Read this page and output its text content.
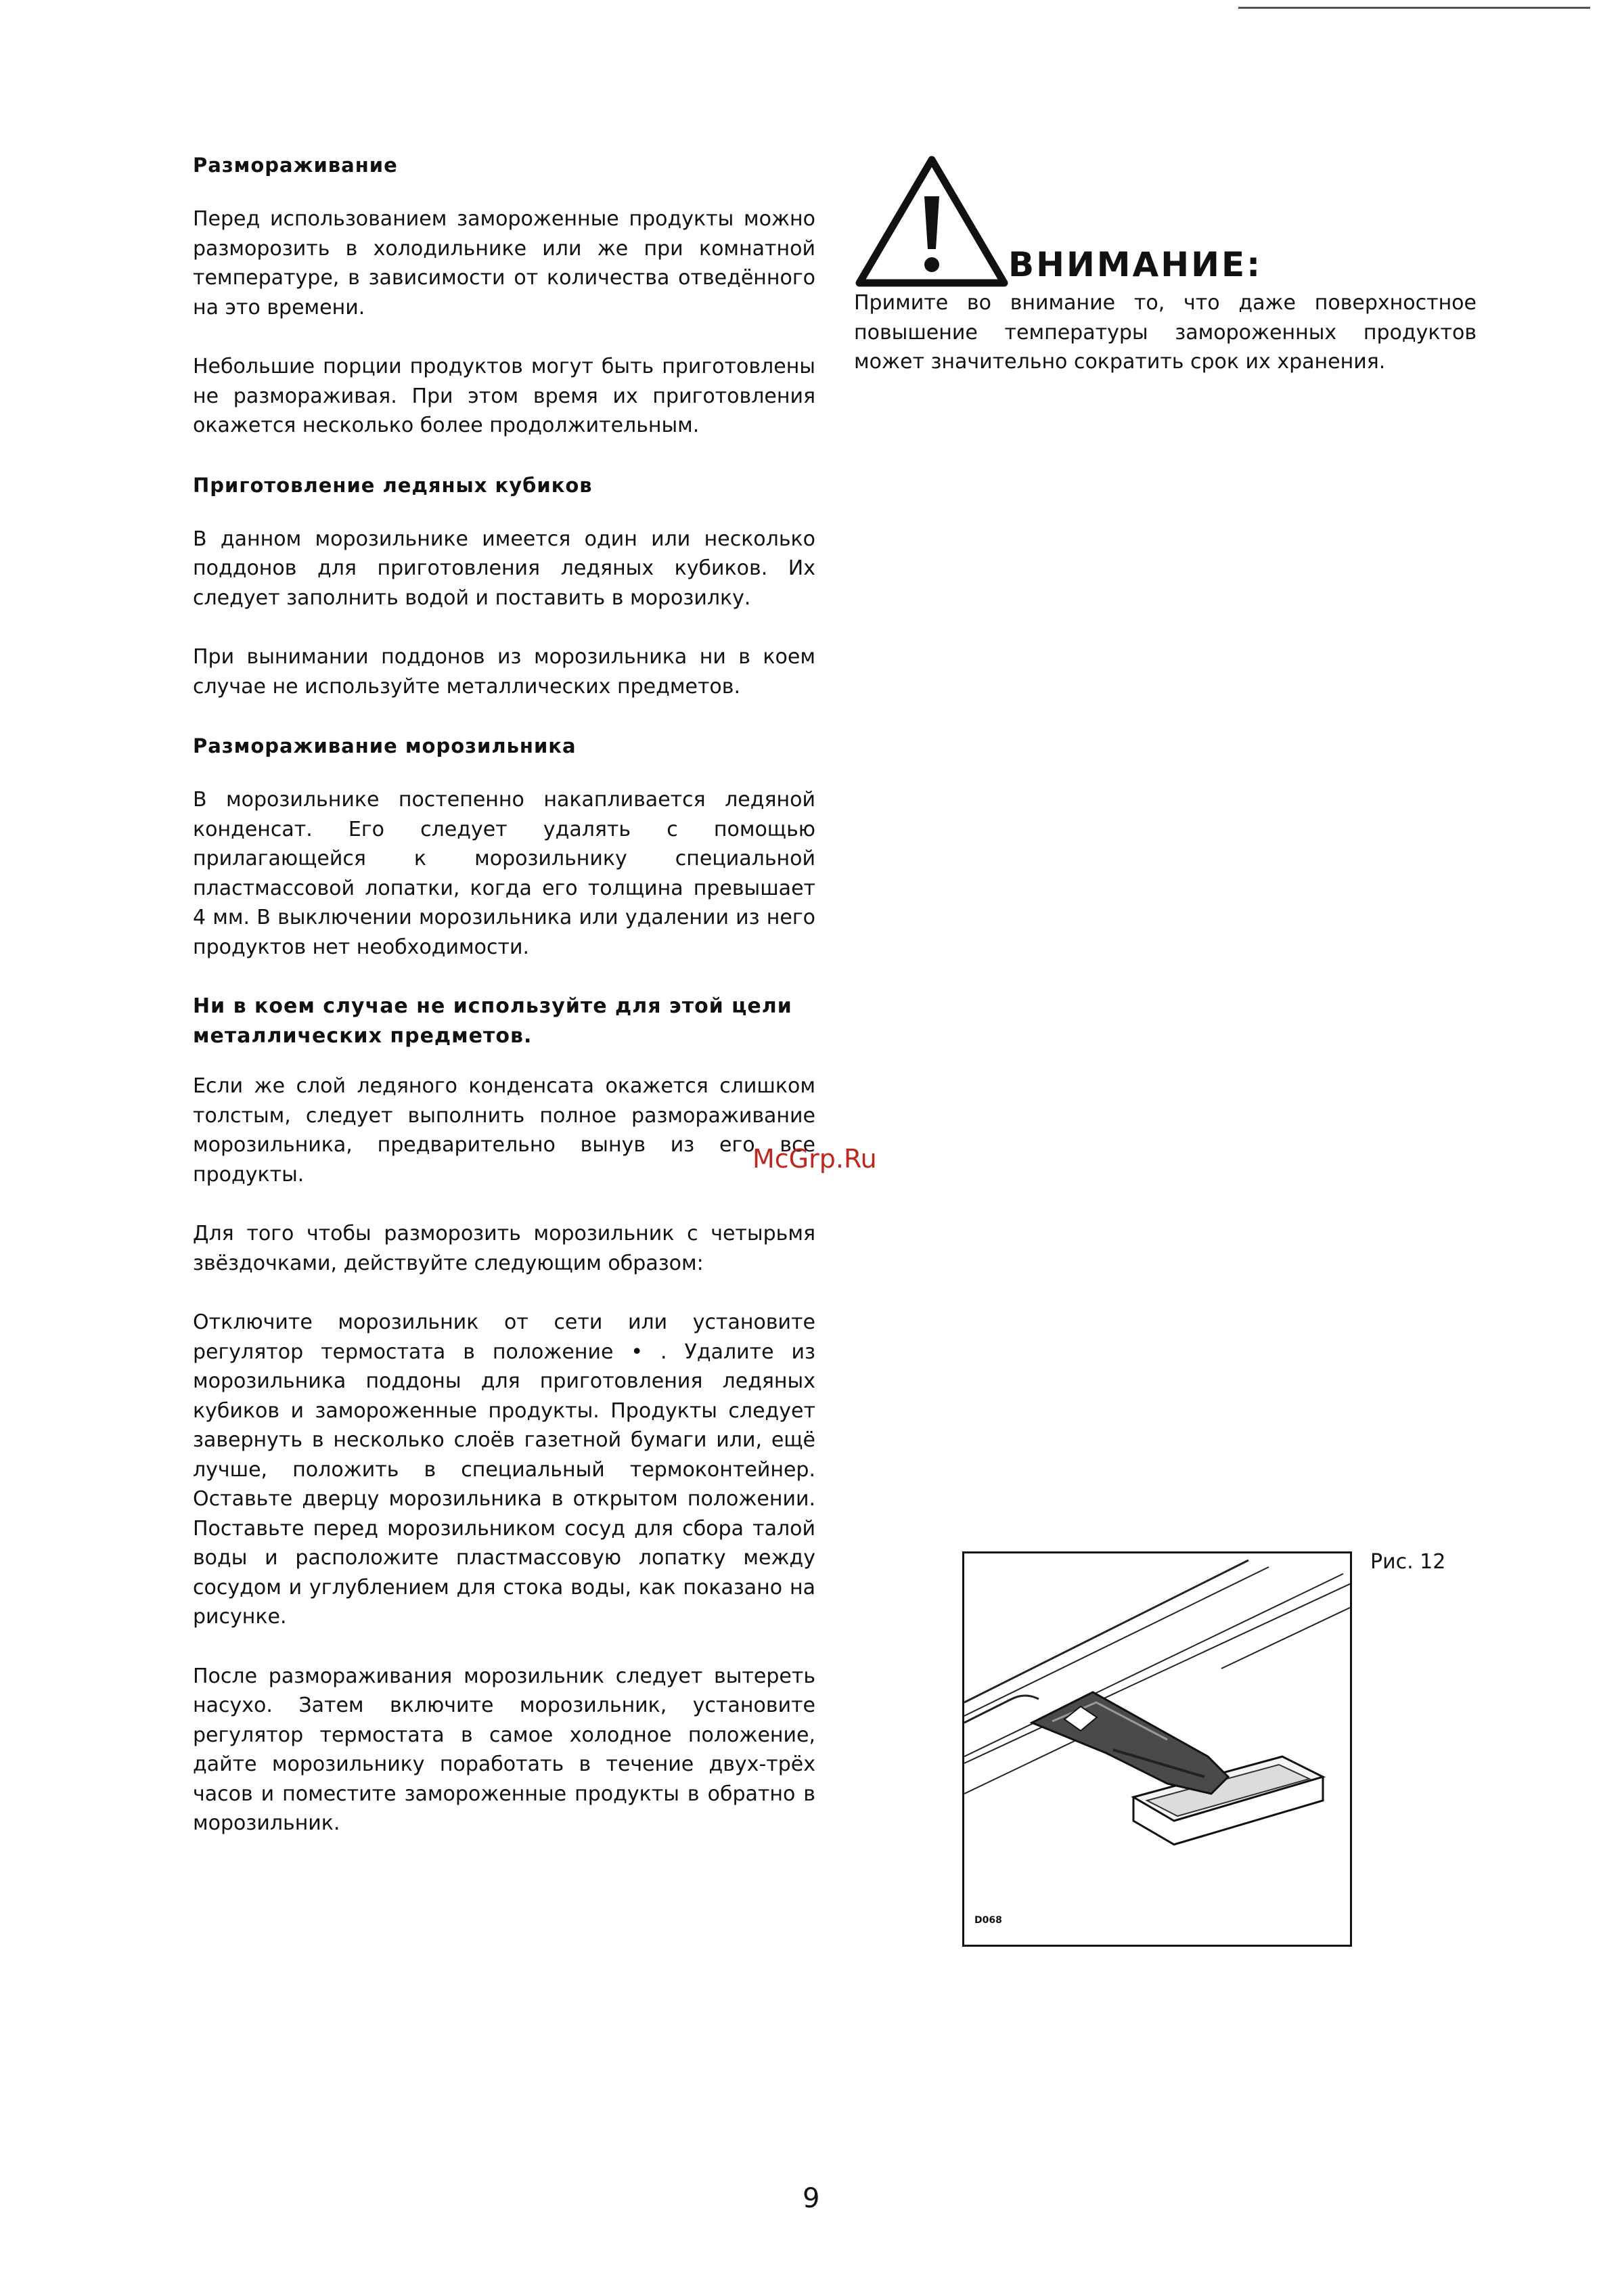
Размораживание

Перед использованием замороженные продукты можно разморозить в холодильнике или же при комнатной температуре, в зависимости от количества отведённого на это времени.

Небольшие порции продуктов могут быть приготовлены не размораживая. При этом время их приготовления окажется несколько более продолжительным.

Приготовление ледяных кубиков

В данном морозильнике имеется один или несколько поддонов для приготовления ледяных кубиков. Их следует заполнить водой и поставить в морозилку.

При вынимании поддонов из морозильника ни в коем случае не используйте металлических предметов.

Размораживание морозильника

В морозильнике постепенно накапливается ледяной конденсат. Его следует удалять с помощью прилагающейся к морозильнику специальной пластмассовой лопатки, когда его толщина превышает 4 мм. В выключении морозильника или удалении из него продуктов нет необходимости.

Ни в коем случае не используйте для этой цели металлических предметов.

Если же слой ледяного конденсата окажется слишком толстым, следует выполнить полное размораживание морозильника, предварительно вынув из его все продукты.

Для того чтобы разморозить морозильник с четырьмя звёздочками, действуйте следующим образом:

Отключите морозильник от сети или установите регулятор термостата в положение • . Удалите из морозильника поддоны для приготовления ледяных кубиков и замороженные продукты. Продукты следует завернуть в несколько слоёв газетной бумаги или, ещё лучше, положить в специальный термоконтейнер. Оставьте дверцу морозильника в открытом положении. Поставьте перед морозильником сосуд для сбора талой воды и расположите пластмассовую лопатку между сосудом и углублением для стока воды, как показано на рисунке.

После размораживания морозильник следует вытереть насухо. Затем включите морозильник, установите регулятор термостата в самое холодное положение, дайте морозильнику поработать в течение двух-трёх часов и поместите замороженные продукты в обратно в морозильник.

McGrp.Ru
ВНИМАНИЕ:
Примите во внимание то, что даже поверхностное повышение температуры замороженных продуктов может значительно сократить срок их хранения.
Рис. 12
D068
9
